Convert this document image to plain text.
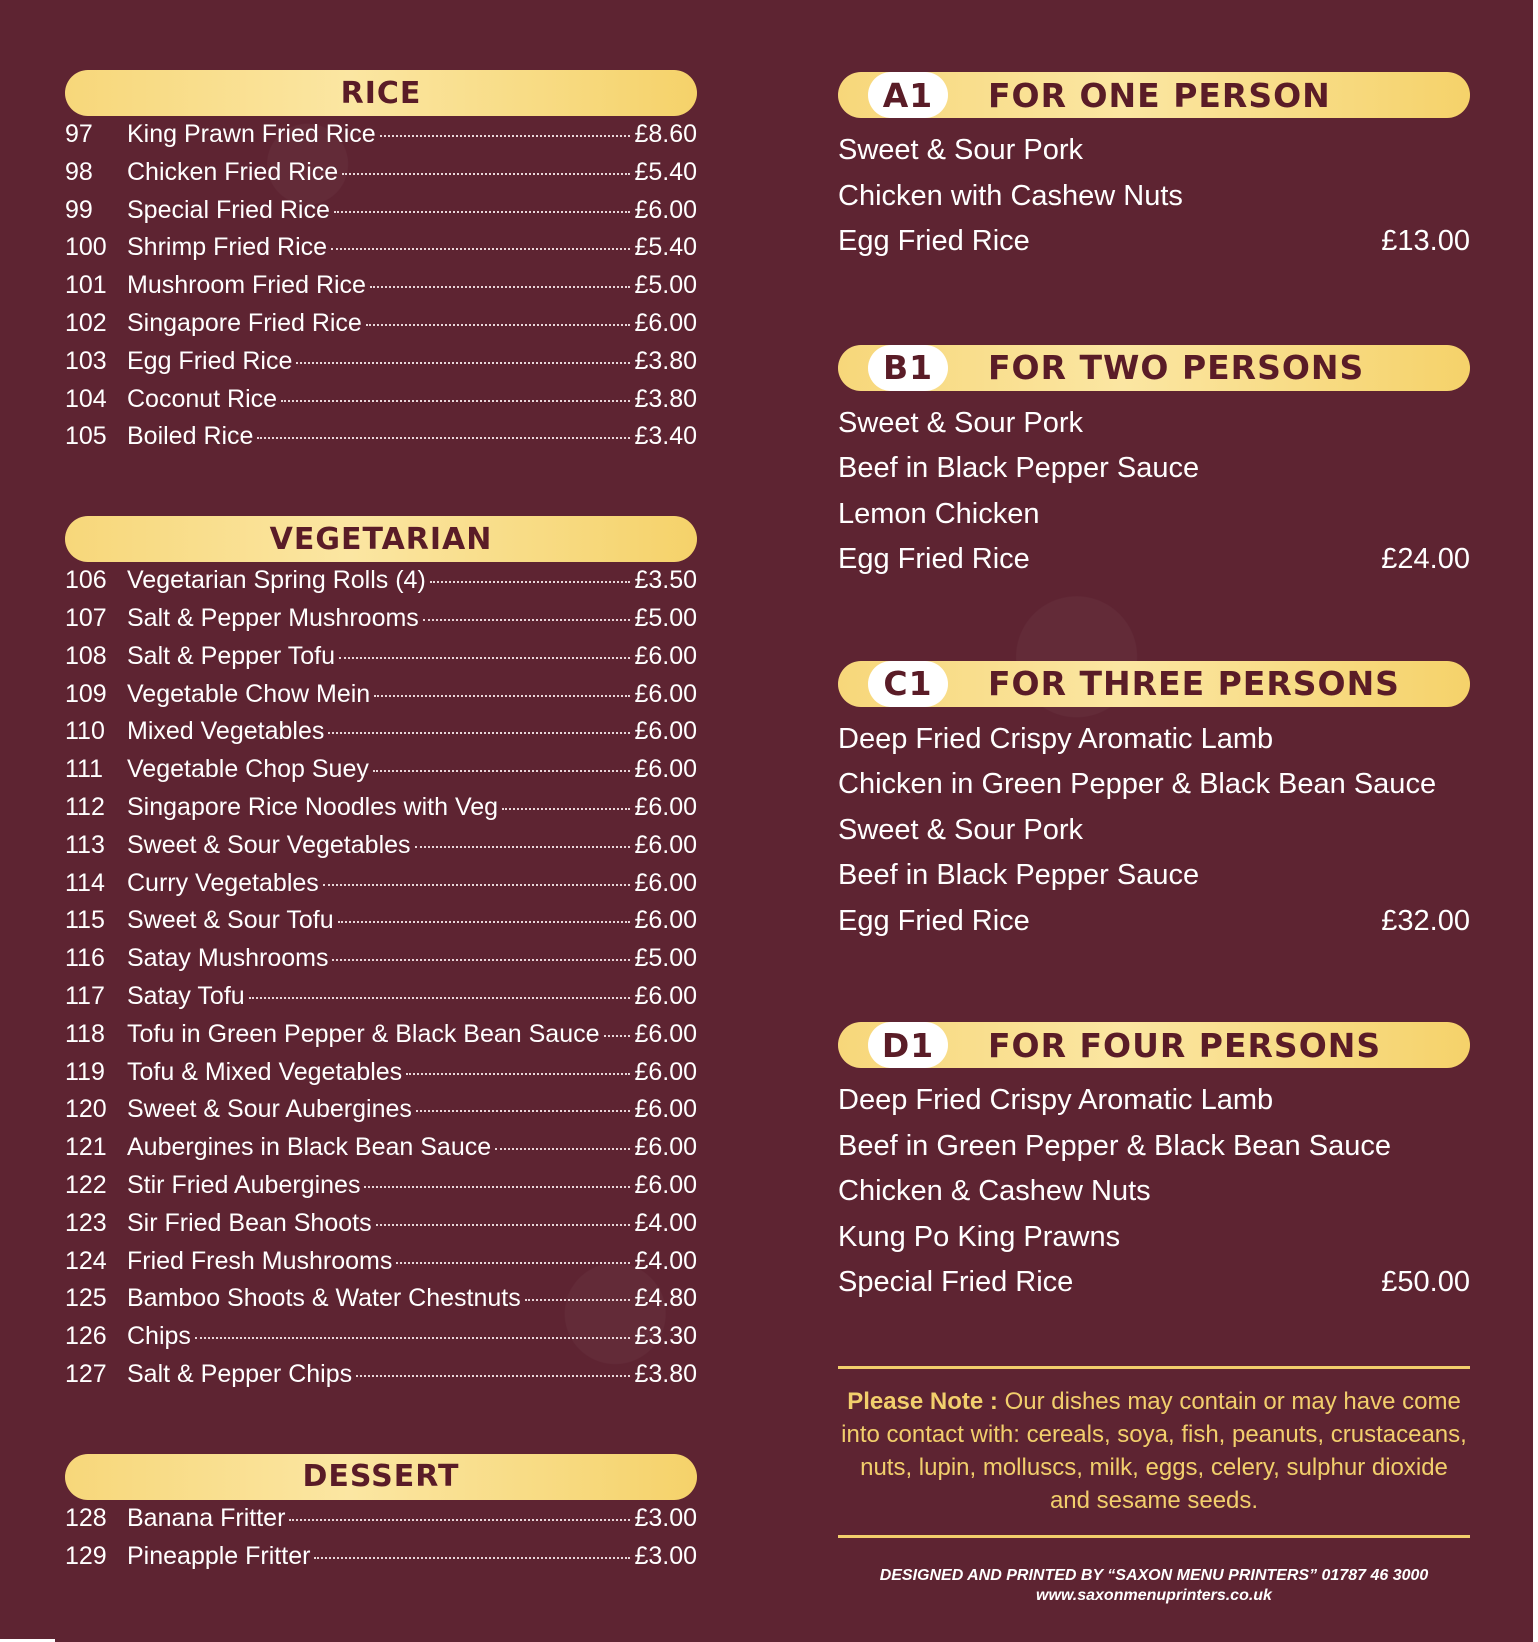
RICE
97	King Prawn Fried Rice	£8.60
98	Chicken Fried Rice	£5.40
99	Special Fried Rice	£6.00
100 Shrimp Fried Rice	£5.40
101 Mushroom Fried Rice	£5.00
102 Singapore Fried Rice	£6.00
103 Egg Fried Rice	£3.80
104 Coconut Rice	£3.80
105 Boiled Rice	£3.40
VEGETARIAN
106 Vegetarian Spring Rolls (4)	£3.50
107 Salt & Pepper Mushrooms	£5.00
108 Salt & Pepper Tofu	£6.00
109 Vegetable Chow Mein	£6.00
110 Mixed Vegetables	£6.00
111 Vegetable Chop Suey	£6.00
112 Singapore Rice Noodles with Veg	£6.00
113 Sweet & Sour Vegetables	£6.00
114 Curry Vegetables	£6.00
115 Sweet & Sour Tofu	£6.00
116 Satay Mushrooms	£5.00
117 Satay Tofu	£6.00
118 Tofu in Green Pepper & Black Bean Sauce £6.00
119 Tofu & Mixed Vegetables	£6.00
120 Sweet & Sour Aubergines	£6.00
121 Aubergines in Black Bean Sauce	£6.00
122 Stir Fried Aubergines	£6.00
123 Sir Fried Bean Shoots	£4.00
124 Fried Fresh Mushrooms	£4.00
125 Bamboo Shoots & Water Chestnuts	£4.80
126 Chips	£3.30
127 Salt & Pepper Chips	£3.80
DESSERT
128 Banana Fritter	£3.00
129 Pineapple Fritter	£3.00
A1	FOR ONE PERSON
Sweet & Sour Pork
Chicken with Cashew Nuts
Egg Fried Rice	£13.00
B1	FOR TWO PERSONS
Sweet & Sour Pork
Beef in Black Pepper Sauce
Lemon Chicken
Egg Fried Rice	£24.00
C1	FOR THREE PERSONS
Deep Fried Crispy Aromatic Lamb
Chicken in Green Pepper & Black Bean Sauce
Sweet & Sour Pork
Beef in Black Pepper Sauce
Egg Fried Rice	£32.00
D1	FOR FOUR PERSONS
Deep Fried Crispy Aromatic Lamb
Beef in Green Pepper & Black Bean Sauce
Chicken & Cashew Nuts
Kung Po King Prawns
Special Fried Rice	£50.00
Please Note : Our dishes may contain or may have come into contact with: cereals, soya, fish, peanuts, crustaceans, nuts, lupin, molluscs, milk, eggs, celery, sulphur dioxide and sesame seeds.
DESIGNED AND PRINTED BY “SAXON MENU PRINTERS” 01787 46 3000
www.saxonmenuprinters.co.uk
